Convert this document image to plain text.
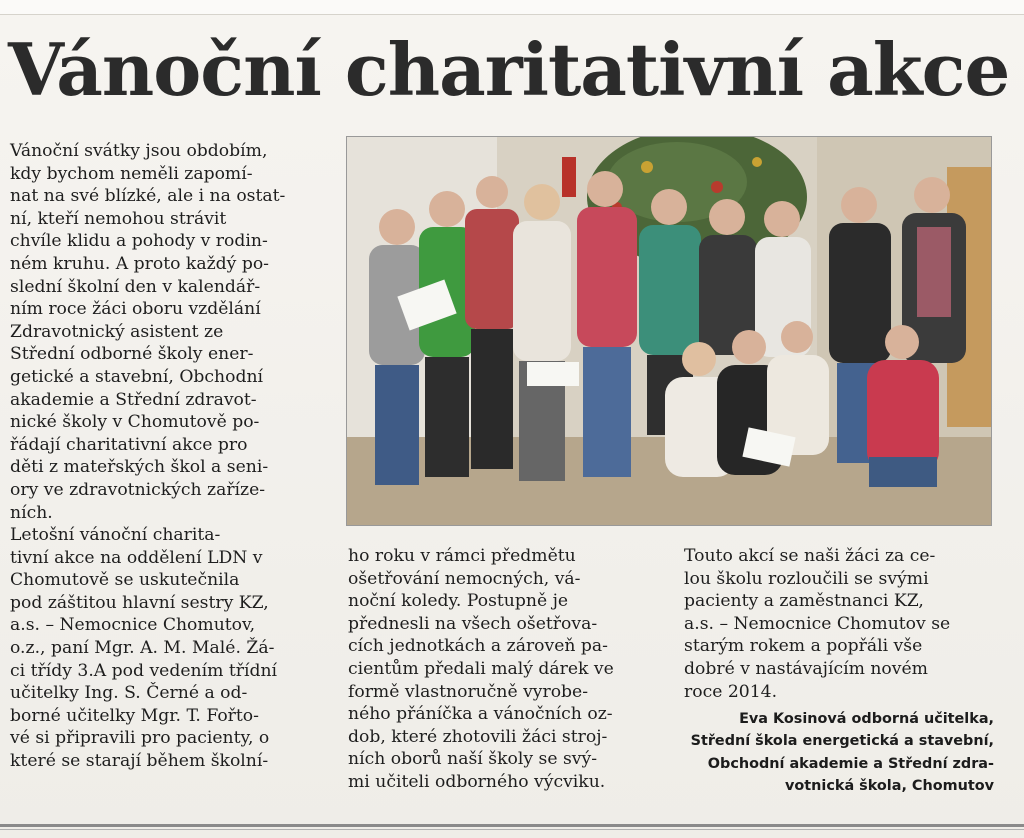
Vánoční charitativní akce
Vánoční svátky jsou obdobím,
kdy bychom neměli zapomí-
nat na své blízké, ale i na ostat-
ní, kteří nemohou strávit
chvíle klidu a pohody v rodin-
ném kruhu. A proto každý po-
slední školní den v kalendář-
ním roce žáci oboru vzdělání
Zdravotnický asistent ze
Střední odborné školy ener-
getické a stavební, Obchodní
akademie a Střední zdravot-
nické školy v Chomutově po-
řádají charitativní akce pro
děti z mateřských škol a seni-
ory ve zdravotnických zaříze-
ních.
Letošní vánoční charita-
tivní akce na oddělení LDN v
Chomutově se uskutečnila
pod záštitou hlavní sestry KZ,
a.s. – Nemocnice Chomutov,
o.z., paní Mgr. A. M. Malé. Žá-
ci třídy 3.A pod vedením třídní
učitelky Ing. S. Černé a od-
borné učitelky Mgr. T. Fořto-
vé si připravili pro pacienty, o
které se starají během školní-
ho roku v rámci předmětu
ošetřování nemocných, vá-
noční koledy. Postupně je
přednesli na všech ošetřova-
cích jednotkách a zároveň pa-
cientům předali malý dárek ve
formě vlastnoručně vyrobe-
ného přáníčka a vánočních oz-
dob, které zhotovili žáci stroj-
ních oborů naší školy se svý-
mi učiteli odborného výcviku.
Touto akcí se naši žáci za ce-
lou školu rozloučili se svými
pacienty a zaměstnanci KZ,
a.s. – Nemocnice Chomutov se
starým rokem a popřáli vše
dobré v nastávajícím novém
roce 2014.
Eva Kosinová odborná učitelka,
Střední škola energetická a stavební,
Obchodní akademie a Střední zdra-
votnická škola, Chomutov
